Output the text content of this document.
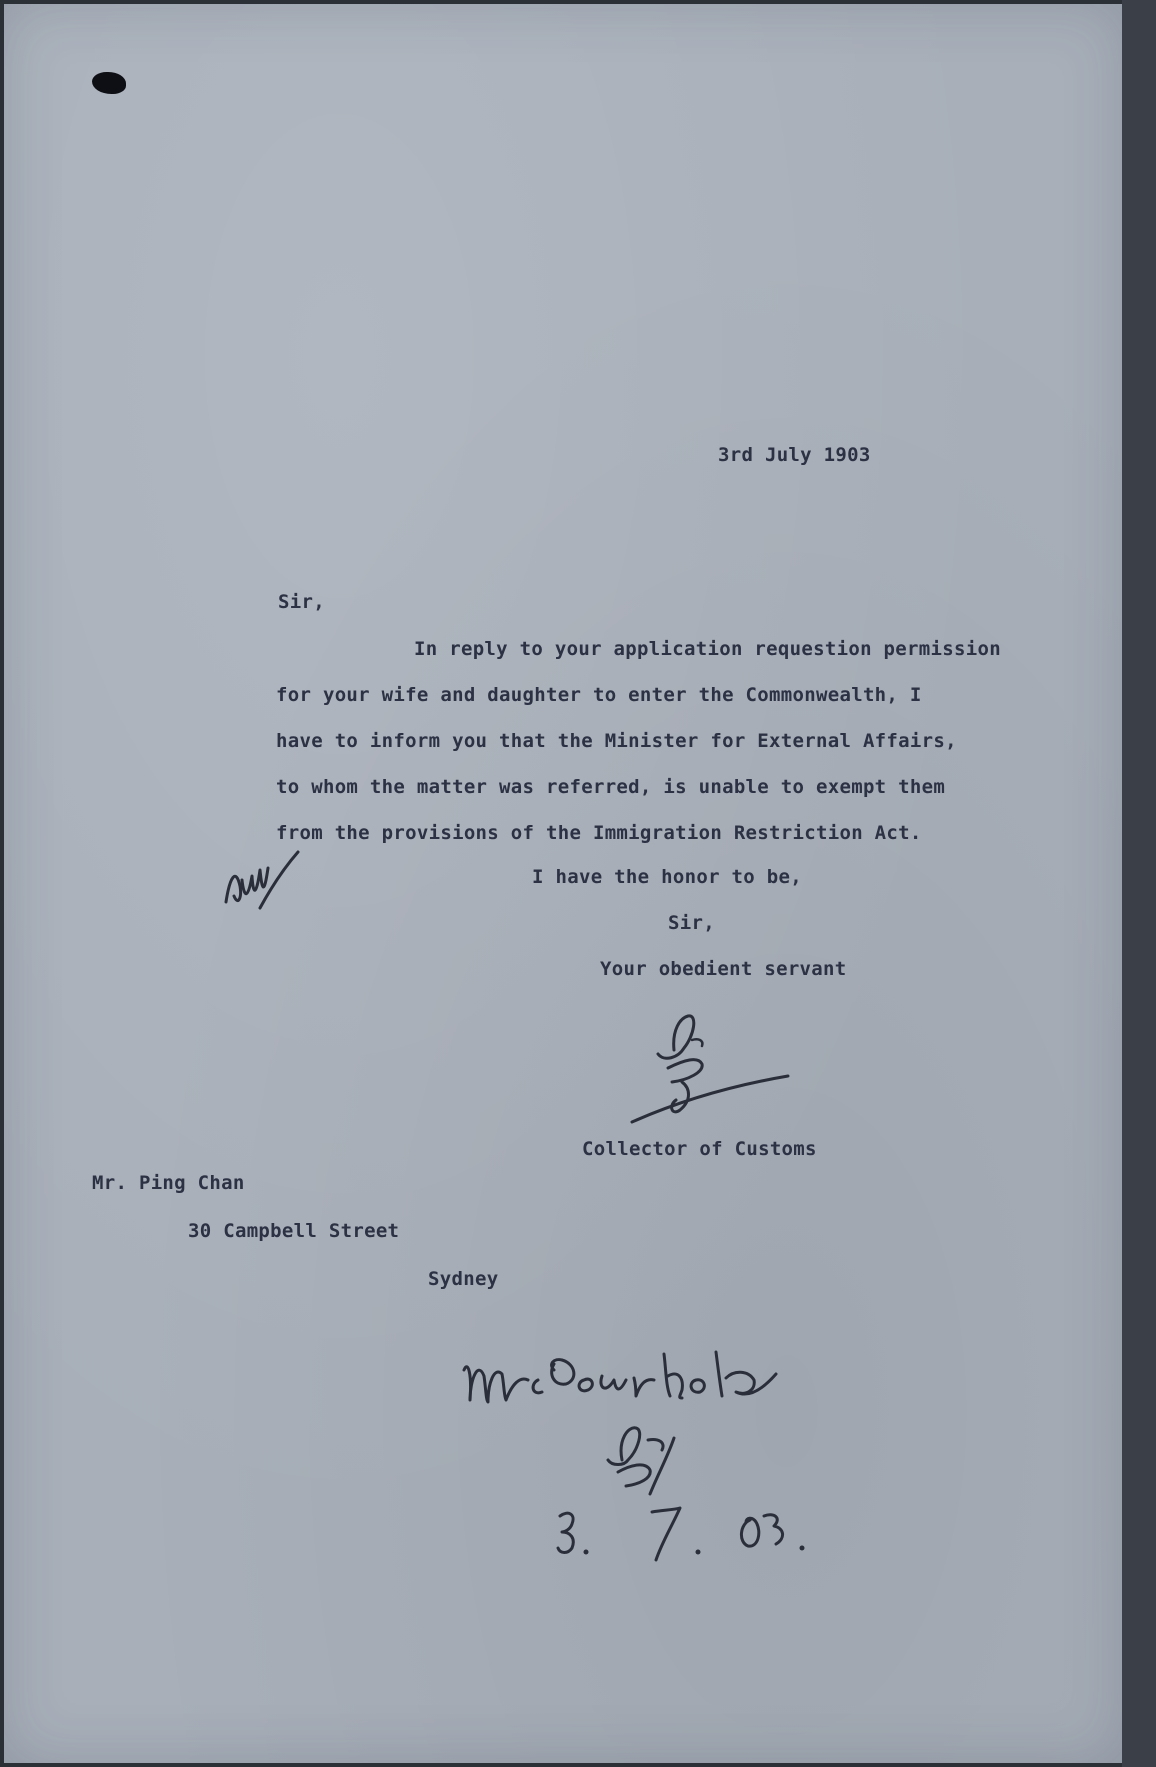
3rd July 1903
Sir,
In reply to your application requestion permission
for your wife and daughter to enter the Commonwealth, I
have to inform you that the Minister for External Affairs,
to whom the matter was referred, is unable to exempt them
from the provisions of the Immigration Restriction Act.
I have the honor to be,
Sir,
Your obedient servant
Collector of Customs
Mr. Ping Chan
30 Campbell Street
Sydney
